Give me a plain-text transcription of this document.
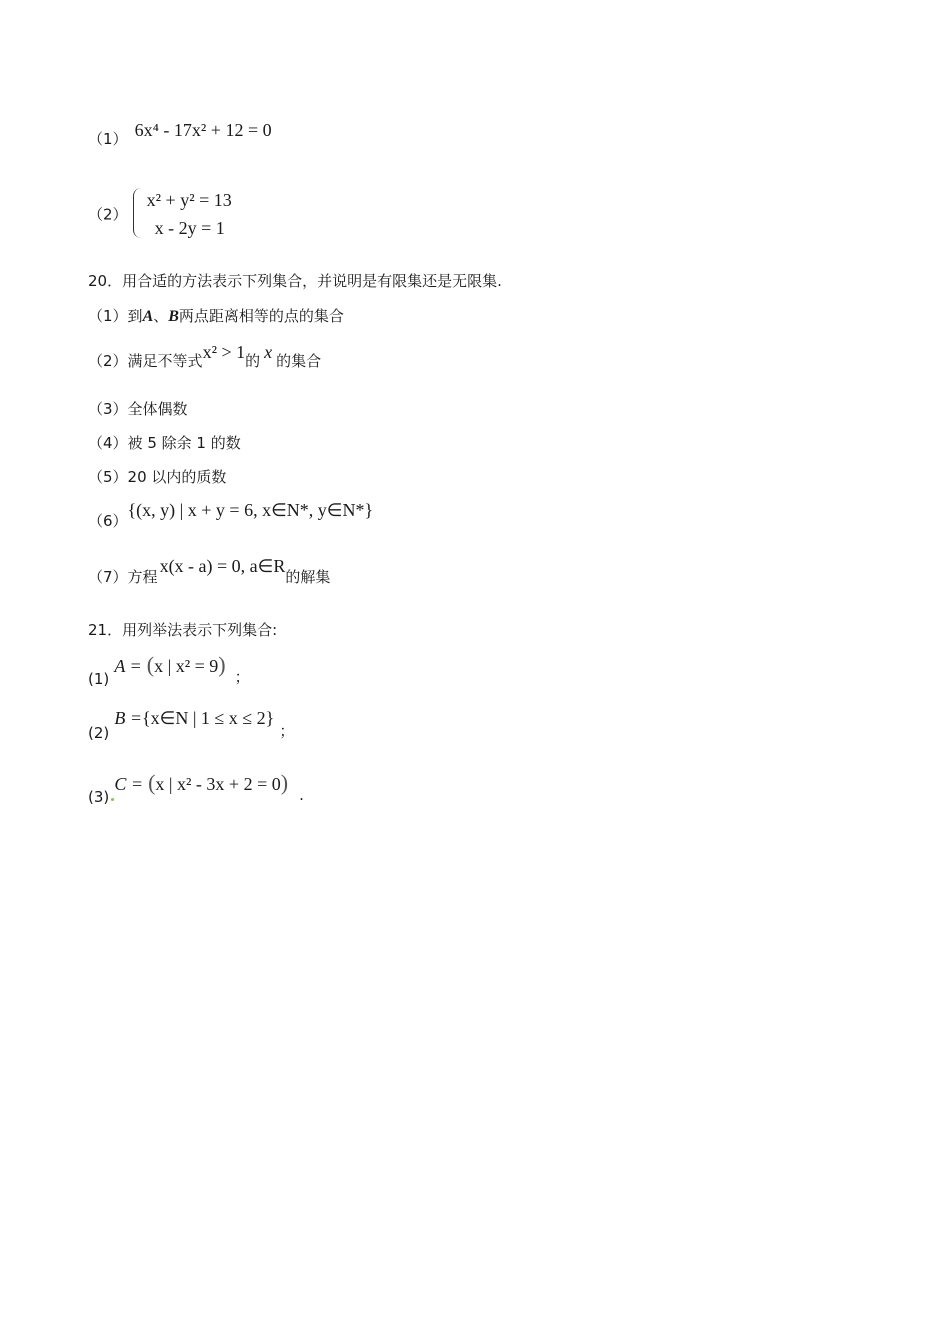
（1） 6x⁴ - 17x² + 12 = 0
（2）
x² + y² = 13
x - 2y = 1
20．用合适的方法表示下列集合，并说明是有限集还是无限集.
（1）到A、B两点距离相等的点的集合
（2）满足不等式x² > 1的 x 的集合
（3）全体偶数
（4）被 5 除余 1 的数
（5）20 以内的质数
（6）{(x, y) | x + y = 6, x∈N*, y∈N*}
（7）方程x(x - a) = 0, a∈R的解集
21．用列举法表示下列集合:
(1) A = (x | x² = 9) ；
(2) B ={x∈N | 1 ≤ x ≤ 2} ；
(3) C = (x | x² - 3x + 2 = 0) .
